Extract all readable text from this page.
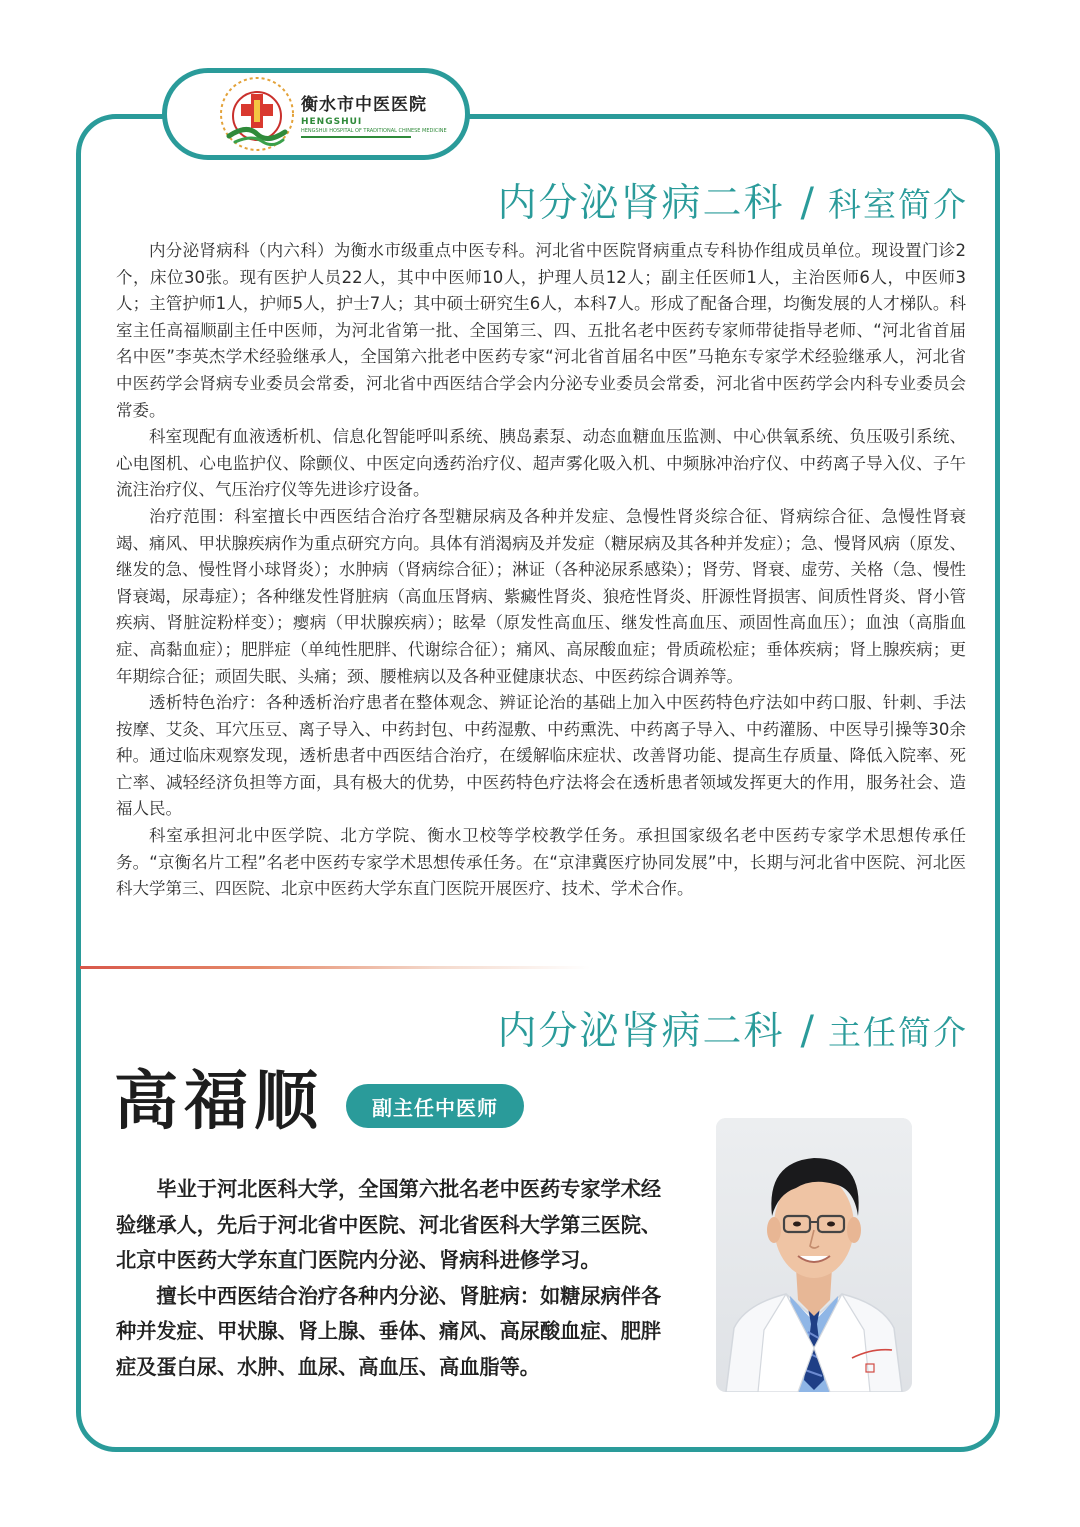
衡水市中医医院
HENGSHUI
HENGSHUI HOSPITAL OF TRADITIONAL CHINESE MEDICINE
内分泌肾病二科 / 科室简介

内分泌肾病科（内六科）为衡水市级重点中医专科。河北省中医院肾病重点专科协作组成员单位。现设置门诊2个，床位30张。现有医护人员22人，其中中医师10人，护理人员12人；副主任医师1人，主治医师6人，中医师3人；主管护师1人，护师5人，护士7人；其中硕士研究生6人，本科7人。形成了配备合理，均衡发展的人才梯队。科室主任高福顺副主任中医师，为河北省第一批、全国第三、四、五批名老中医药专家师带徒指导老师、“河北省首届名中医”李英杰学术经验继承人，全国第六批老中医药专家“河北省首届名中医”马艳东专家学术经验继承人，河北省中医药学会肾病专业委员会常委，河北省中西医结合学会内分泌专业委员会常委，河北省中医药学会内科专业委员会常委。

科室现配有血液透析机、信息化智能呼叫系统、胰岛素泵、动态血糖血压监测、中心供氧系统、负压吸引系统、心电图机、心电监护仪、除颤仪、中医定向透药治疗仪、超声雾化吸入机、中频脉冲治疗仪、中药离子导入仪、子午流注治疗仪、气压治疗仪等先进诊疗设备。

治疗范围：科室擅长中西医结合治疗各型糖尿病及各种并发症、急慢性肾炎综合征、肾病综合征、急慢性肾衰竭、痛风、甲状腺疾病作为重点研究方向。具体有消渴病及并发症（糖尿病及其各种并发症）；急、慢肾风病（原发、继发的急、慢性肾小球肾炎）；水肿病（肾病综合征）；淋证（各种泌尿系感染）；肾劳、肾衰、虚劳、关格（急、慢性肾衰竭，尿毒症）；各种继发性肾脏病（高血压肾病、紫癜性肾炎、狼疮性肾炎、肝源性肾损害、间质性肾炎、肾小管疾病、肾脏淀粉样变）；瘿病（甲状腺疾病）；眩晕（原发性高血压、继发性高血压、顽固性高血压）；血浊（高脂血症、高黏血症）；肥胖症（单纯性肥胖、代谢综合征）；痛风、高尿酸血症；骨质疏松症；垂体疾病；肾上腺疾病；更年期综合征；顽固失眠、头痛；颈、腰椎病以及各种亚健康状态、中医药综合调养等。

透析特色治疗：各种透析治疗患者在整体观念、辨证论治的基础上加入中医药特色疗法如中药口服、针刺、手法按摩、艾灸、耳穴压豆、离子导入、中药封包、中药湿敷、中药熏洗、中药离子导入、中药灌肠、中医导引操等30余种。通过临床观察发现，透析患者中西医结合治疗，在缓解临床症状、改善肾功能、提高生存质量、降低入院率、死亡率、减轻经济负担等方面，具有极大的优势，中医药特色疗法将会在透析患者领域发挥更大的作用，服务社会、造福人民。

科室承担河北中医学院、北方学院、衡水卫校等学校教学任务。承担国家级名老中医药专家学术思想传承任务。“京衡名片工程”名老中医药专家学术思想传承任务。在“京津冀医疗协同发展”中，长期与河北省中医院、河北医科大学第三、四医院、北京中医药大学东直门医院开展医疗、技术、学术合作。

内分泌肾病二科 / 主任简介
高福顺	副主任中医师

毕业于河北医科大学，全国第六批名老中医药专家学术经验继承人，先后于河北省中医院、河北省医科大学第三医院、北京中医药大学东直门医院内分泌、肾病科进修学习。

擅长中西医结合治疗各种内分泌、肾脏病：如糖尿病伴各种并发症、甲状腺、肾上腺、垂体、痛风、高尿酸血症、肥胖症及蛋白尿、水肿、血尿、高血压、高血脂等。
